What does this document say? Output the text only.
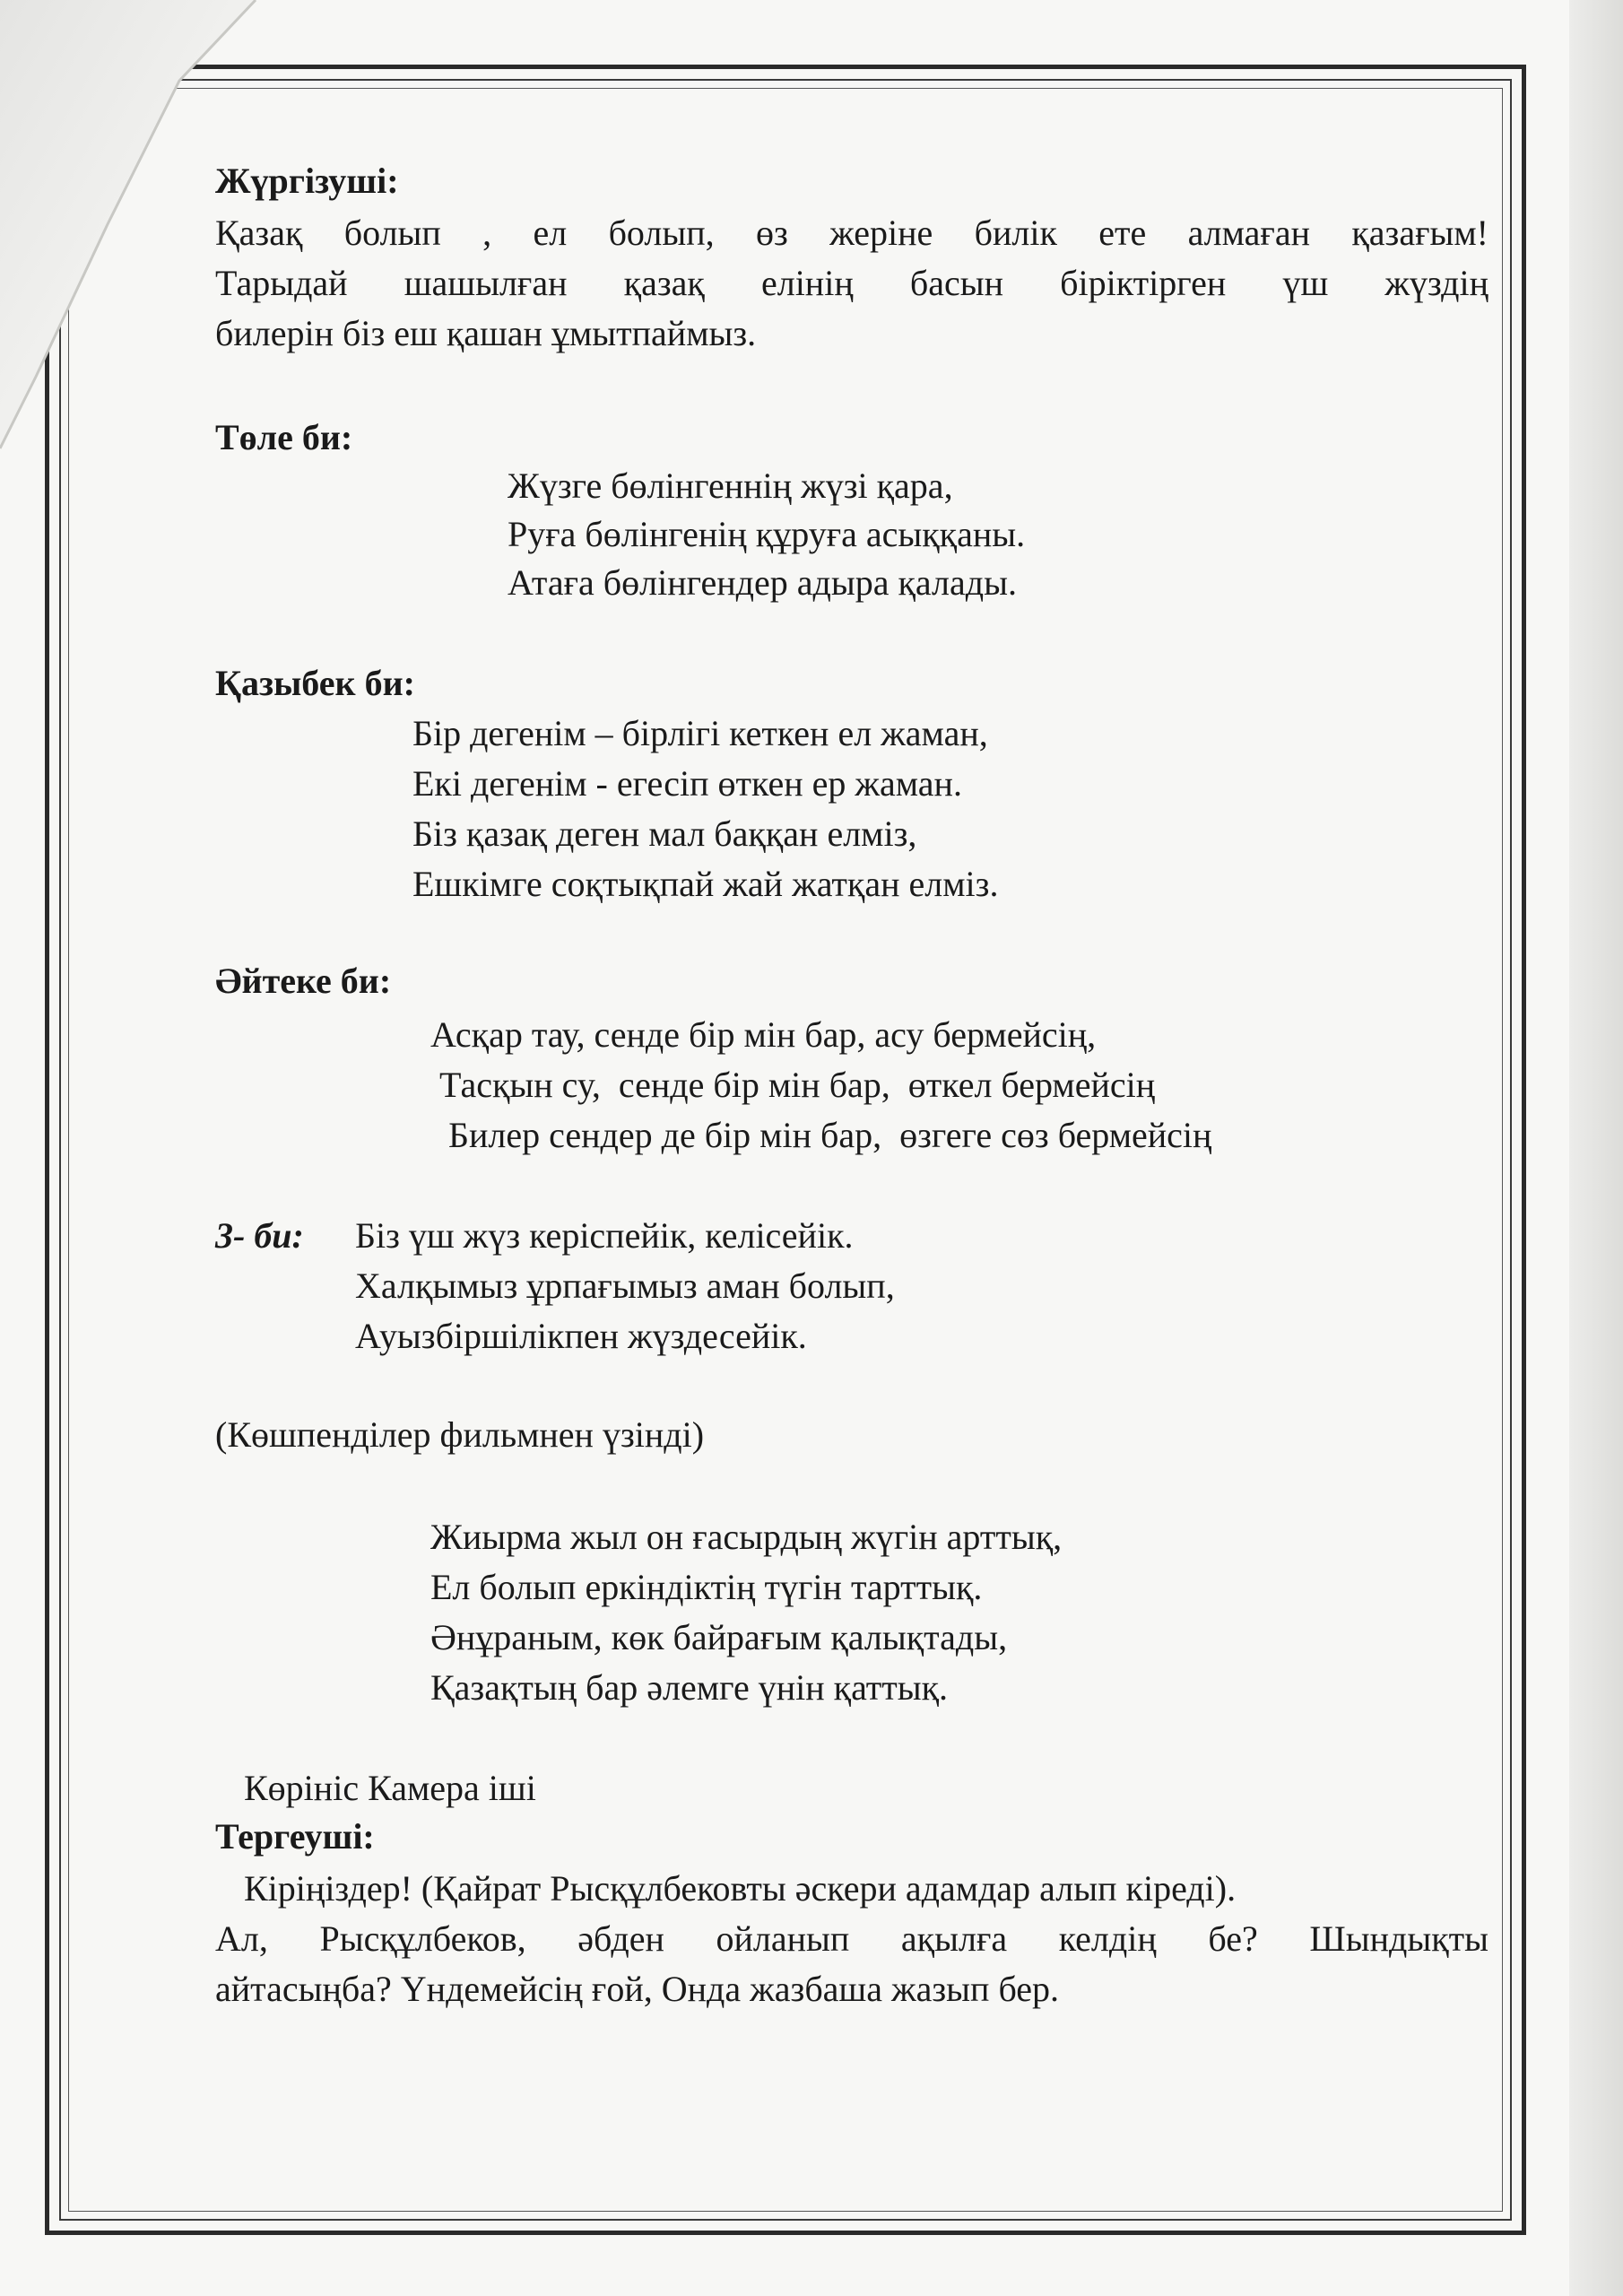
Жүргізуші:
Қазақ болып , ел болып, өз жеріне билік ете алмаған қазағым!
Тарыдай шашылған қазақ елінің басын біріктірген үш жүздің
билерін біз еш қашан ұмытпаймыз.
Төле би:
Жүзге бөлінгеннің жүзі қара,
Руға бөлінгенің құруға асыққаны.
Атаға бөлінгендер адыра қалады.
Қазыбек би:
Бір дегенім – бірлігі кеткен ел жаман,
Екі дегенім - егесіп өткен ер жаман.
Біз қазақ деген мал баққан елміз,
Ешкімге соқтықпай жай жатқан елміз.
Әйтеке би:
Асқар тау, сенде бір мін бар, асу бермейсің,
Тасқын су,  сенде бір мін бар,  өткел бермейсің
Билер сендер де бір мін бар,  өзгеге сөз бермейсің
3- би: Біз үш жүз керіспейік, келісейік.
Халқымыз ұрпағымыз аман болып,
Ауызбіршілікпен жүздесейік.
(Көшпенділер фильмнен үзінді)
Жиырма жыл он ғасырдың жүгін арттық,
Ел болып еркіндіктің түгін тарттық.
Әнұраным, көк байрағым қалықтады,
Қазақтың бар әлемге үнін қаттық.
Көрініс Камера іші
Тергеуші:
Кіріңіздер! (Қайрат Рысқұлбековты әскери адамдар алып кіреді).
Ал, Рысқұлбеков, әбден ойланып ақылға келдің бе? Шындықты
айтасыңба? Үндемейсің ғой, Онда жазбаша жазып бер.
